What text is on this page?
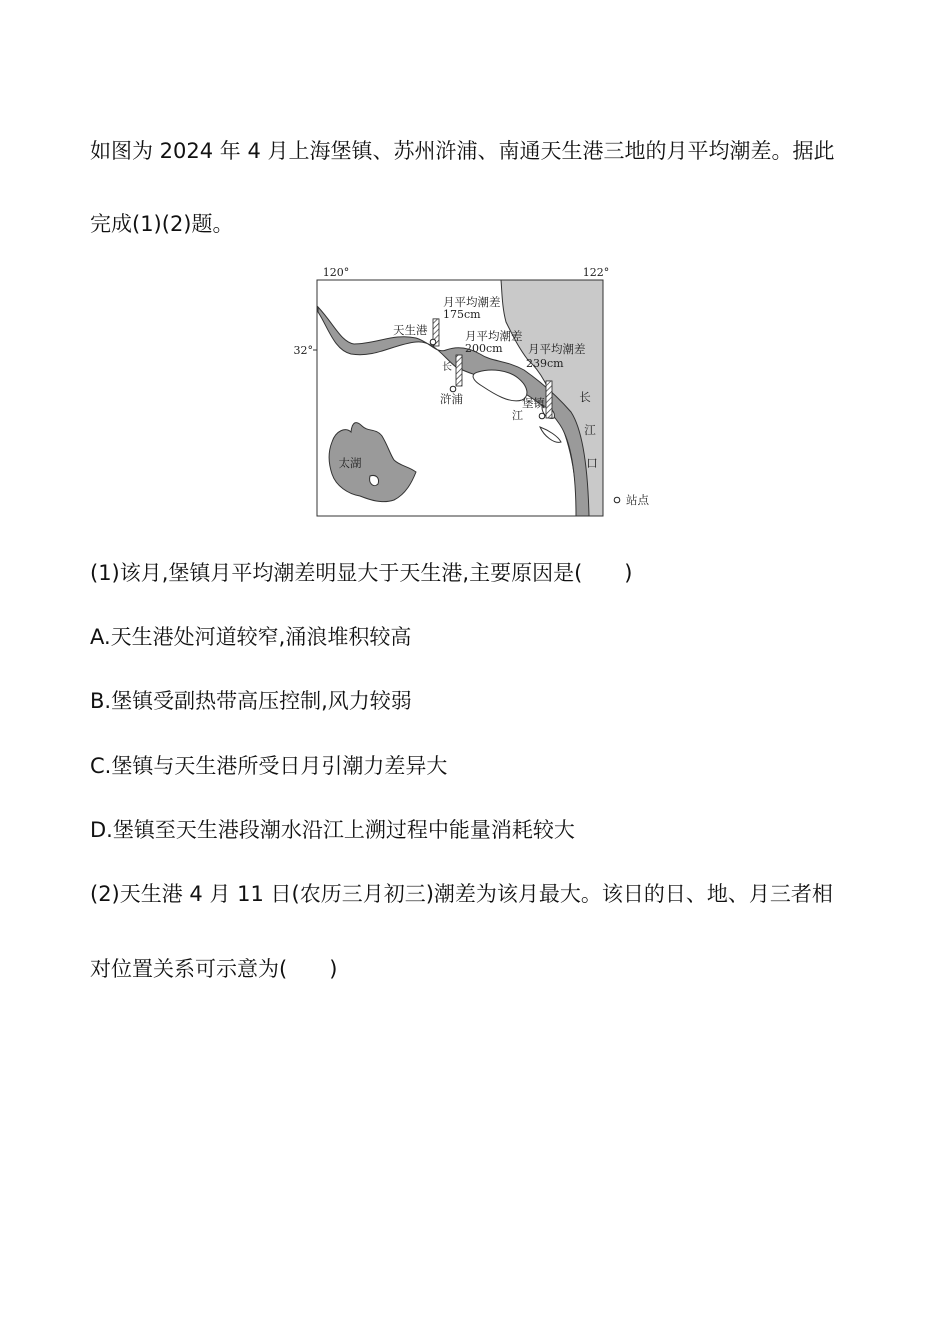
如图为 2024 年 4 月上海堡镇、苏州浒浦、南通天生港三地的月平均潮差。据此
完成(1)(2)题。
120°	122°
32°
月平均潮差
175cm
天生港	月平均潮差
200cm
浒浦
长
月平均潮差
239cm
堡镇
江
长
江
口
太湖
站点
(1)该月,堡镇月平均潮差明显大于天生港,主要原因是(　　)
A.天生港处河道较窄,涌浪堆积较高
B.堡镇受副热带高压控制,风力较弱
C.堡镇与天生港所受日月引潮力差异大
D.堡镇至天生港段潮水沿江上溯过程中能量消耗较大
(2)天生港 4 月 11 日(农历三月初三)潮差为该月最大。该日的日、地、月三者相
对位置关系可示意为(　　)
